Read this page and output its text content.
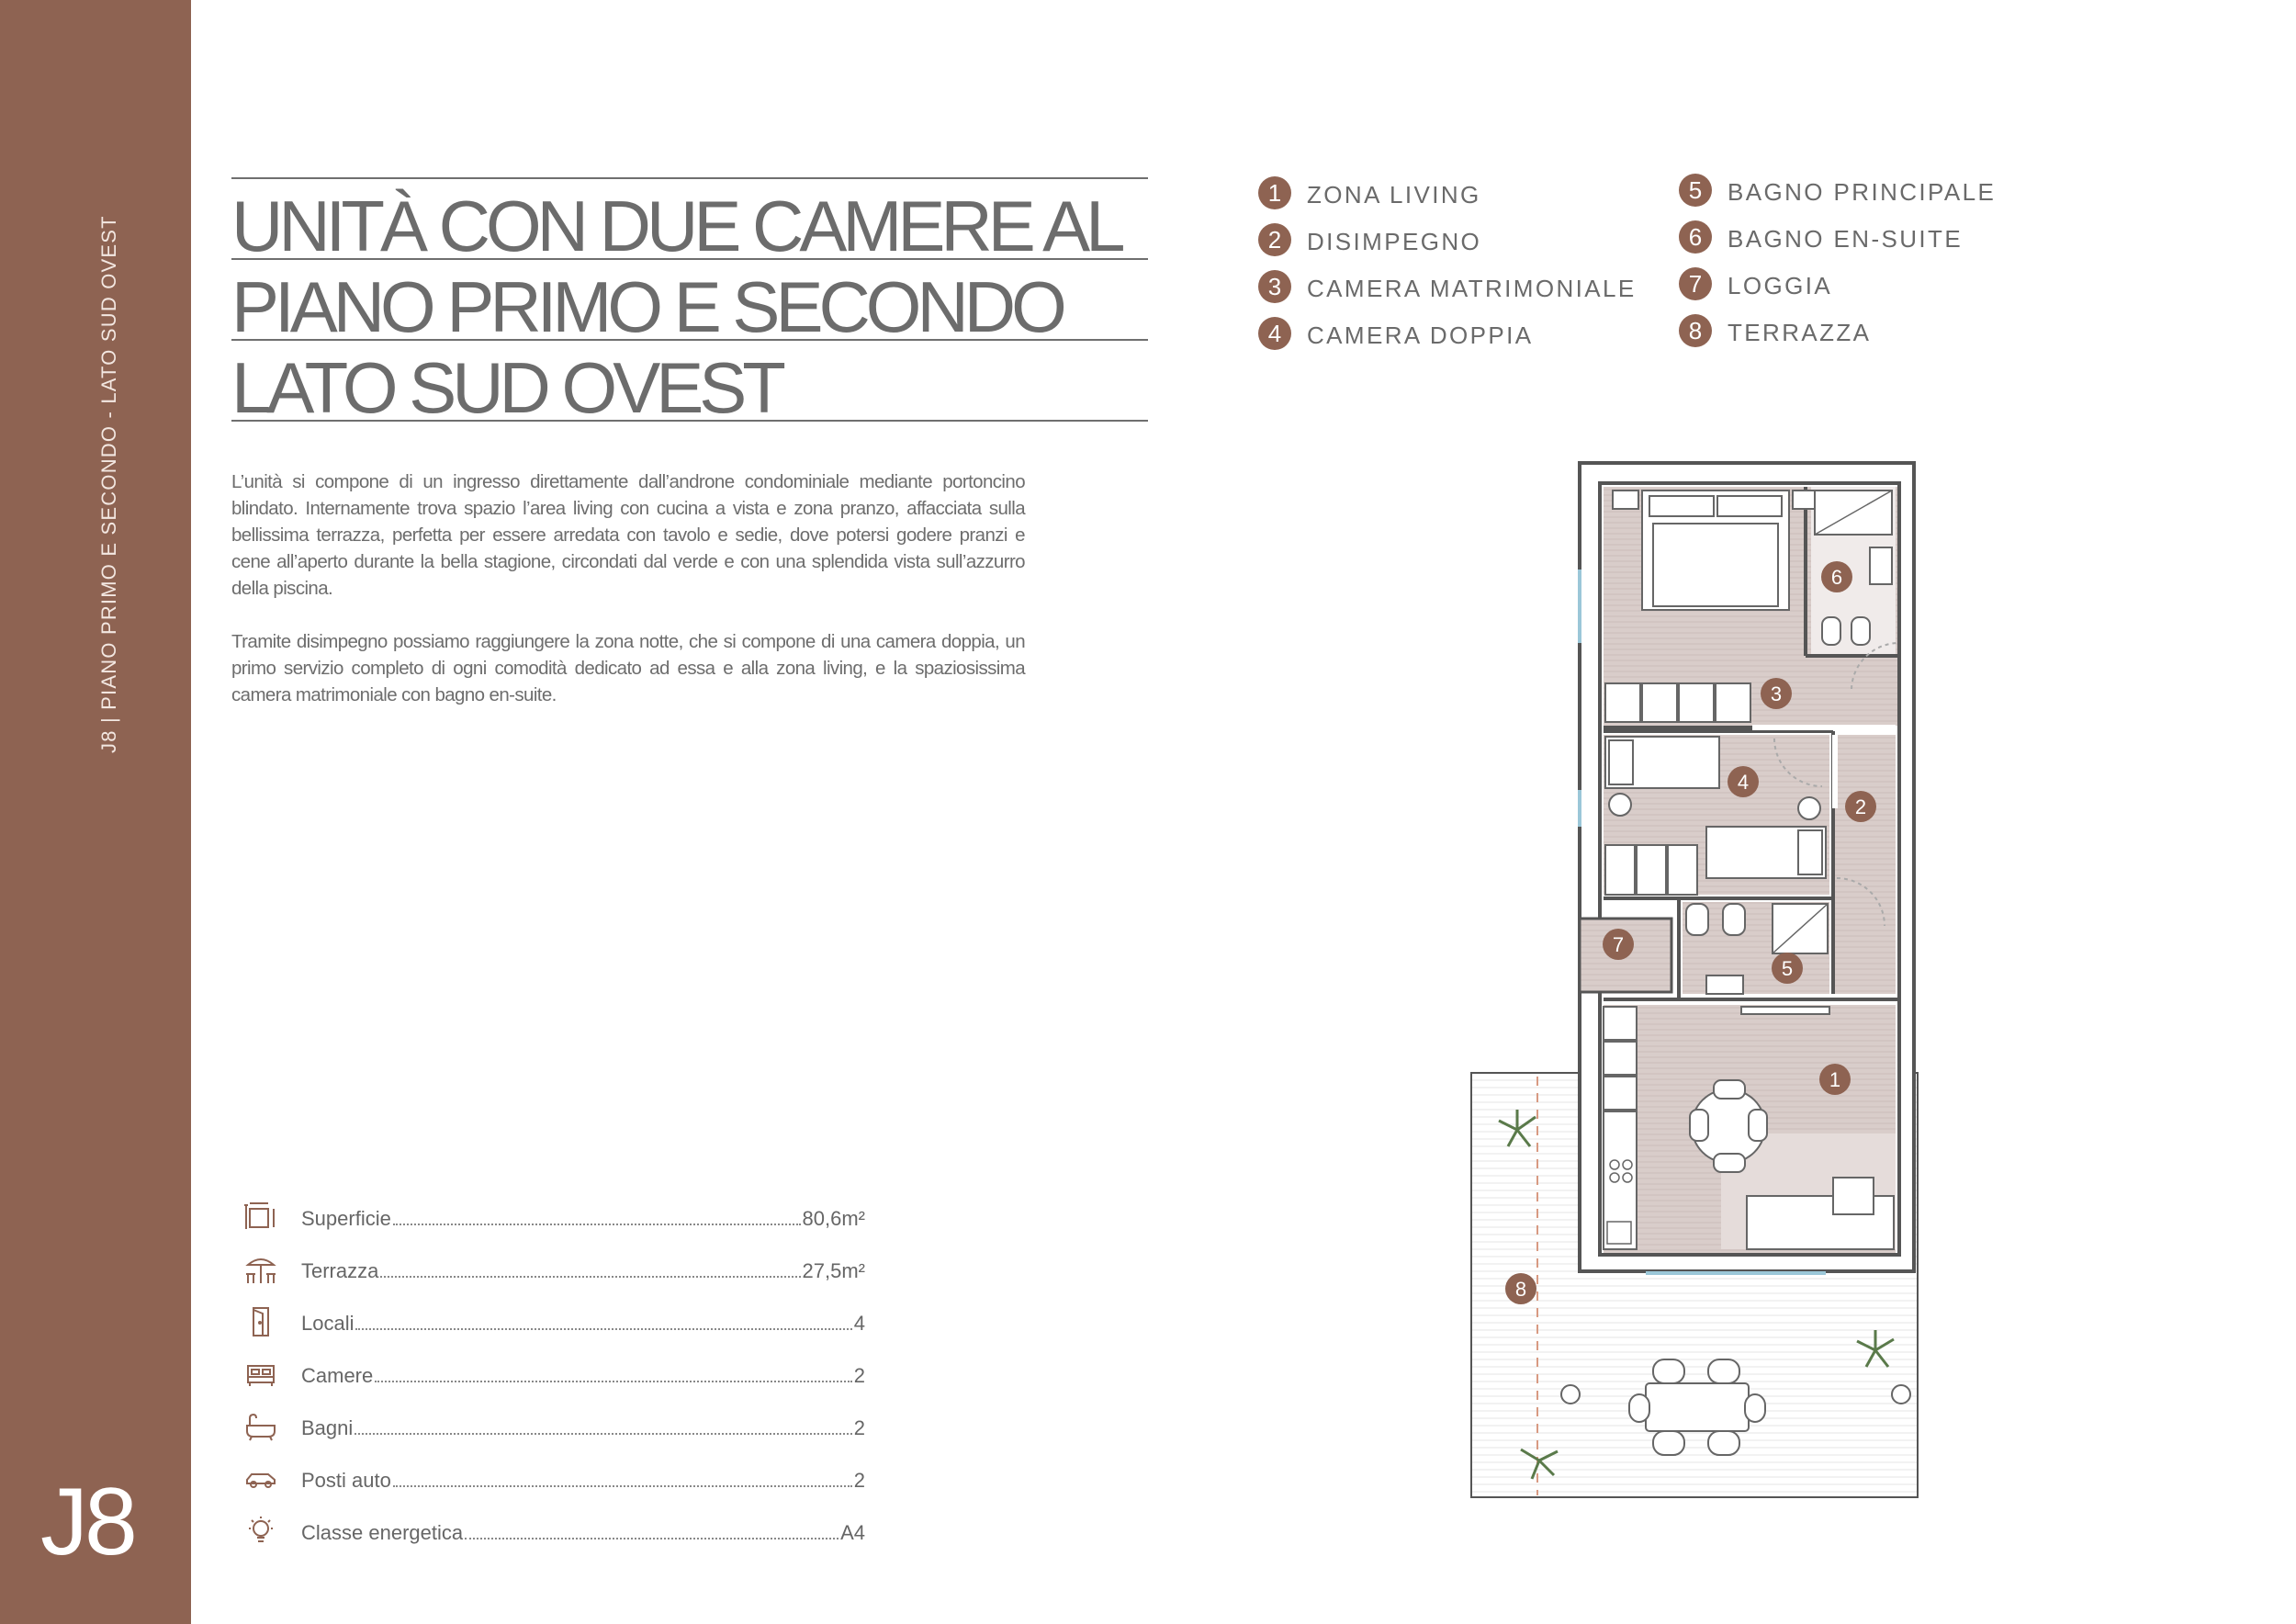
J8 | PIANO PRIMO E SECONDO - LATO SUD OVEST
J8
UNITÀ CON DUE CAMERE AL
PIANO PRIMO E SECONDO
LATO SUD OVEST

L’unità si compone di un ingresso direttamente dall’androne condominiale mediante portoncino blindato. Internamente trova spazio l’area living con cucina a vista e zona pranzo, affacciata sulla bellissima terrazza, perfetta per essere arredata con tavolo e sedie, dove potersi godere pranzi e cene all’aperto durante la bella stagione, circondati dal verde e con una splendida vista sull’azzurro della piscina.

Tramite disimpegno possiamo raggiungere la zona notte, che si compone di una camera doppia, un primo servizio completo di ogni comodità dedicato ad essa e alla zona living, e la spaziosissima camera matrimoniale con bagno en-suite.

1	ZONA LIVING
2	DISIMPEGNO
3	CAMERA MATRIMONIALE
4	CAMERA DOPPIA
5	BAGNO PRINCIPALE
6	BAGNO EN-SUITE
7	LOGGIA
8	TERRAZZA
Superficie	80,6m²
Terrazza	27,5m²
Locali	4
Camere	2
Bagni	2
Posti auto	2
Classe energetica	A4
1
2
3
4
5
6
7
8
